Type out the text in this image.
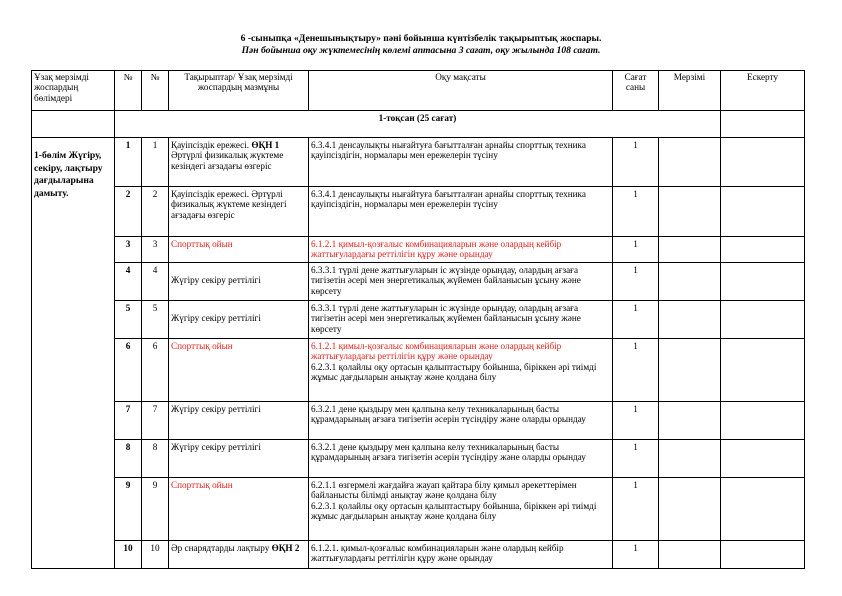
6 -сыныпқа «Денешынықтыру» пәні бойынша күнтізбелік тақырыптық жоспары.
Пән бойынша оқу жүктемесінің көлемі аптасына 3 сағат, оқу жылында 108 сағат.
Ұзақ мерзімді жоспардың бөлімдері	№	№	Тақырыптар/ Ұзақ мерзімді жоспардың мазмұны	Оқу мақсаты	Сағат саны	Мерзімі	Ескерту
	1-тоқсан (25 сағат)						
1-бөлім Жүгіру, секіру, лақтыру дағдыларына дамыту.	1	1	Қауіпсіздік ережесі. ӨҚН 1 Әртүрлі физикалық жүктеме кезіндегі ағзадағы өзгеріс	6.3.4.1 денсаулықты нығайтуға бағытталған арнайы спорттық техника қауіпсіздігін, нормалары мен ережелерін түсіну	1		
	2	2	Қауіпсіздік ережесі. Әртүрлі физикалық жүктеме кезіндегі ағзадағы өзгеріс	6.3.4.1 денсаулықты нығайтуға бағытталған арнайы спорттық техника қауіпсіздігін, нормалары мен ережелерін түсіну	1		
	3	3	Спорттық ойын	6.1.2.1 қимыл-қозғалыс комбинацияларын және олардың кейбір жаттығулардағы реттілігін құру және орындау	1		
	4	4	Жүгіру секіру реттілігі	6.3.3.1 түрлі дене жаттығуларын іс жүзінде орындау, олардың ағзаға тигізетін әсері мен энергетикалық жүйемен байланысын ұсыну және көрсету	1		
	5	5	Жүгіру секіру реттілігі	6.3.3.1 түрлі дене жаттығуларын іс жүзінде орындау, олардың ағзаға тигізетін әсері мен энергетикалық жүйемен байланысын ұсыну және көрсету	1		
	6	6	Спорттық ойын	6.1.2.1 қимыл-қозғалыс комбинацияларын және олардың кейбір жаттығулардағы реттілігін құру және орындау
6.2.3.1 қолайлы оқу ортасын қалыптастыру бойынша, біріккен әрі тиімді жұмыс дағдыларын анықтау және қолдана білу	1		
	7	7	Жүгіру секіру реттілігі	6.3.2.1 дене қыздыру мен қалпына келу техникаларының басты құрамдарының ағзаға тигізетін әсерін түсіндіру және оларды орындау	1		
	8	8	Жүгіру секіру реттілігі	6.3.2.1 дене қыздыру мен қалпына келу техникаларының басты құрамдарының ағзаға тигізетін әсерін түсіндіру және оларды орындау	1		
	9	9	Спорттық ойын	6.2.1.1 өзгермелі жағдайға жауап қайтара білу қимыл әрекеттерімен байланысты білімді анықтау және қолдана білу
6.2.3.1 қолайлы оқу ортасын қалыптастыру бойынша, біріккен әрі тиімді жұмыс дағдыларын анықтау және қолдана білу	1		
	10	10	Әр снарядтарды лақтыру ӨҚН 2	6.1.2.1. қимыл-қозғалыс комбинацияларын және олардың кейбір жаттығулардағы реттілігін құру және орындау	1		
